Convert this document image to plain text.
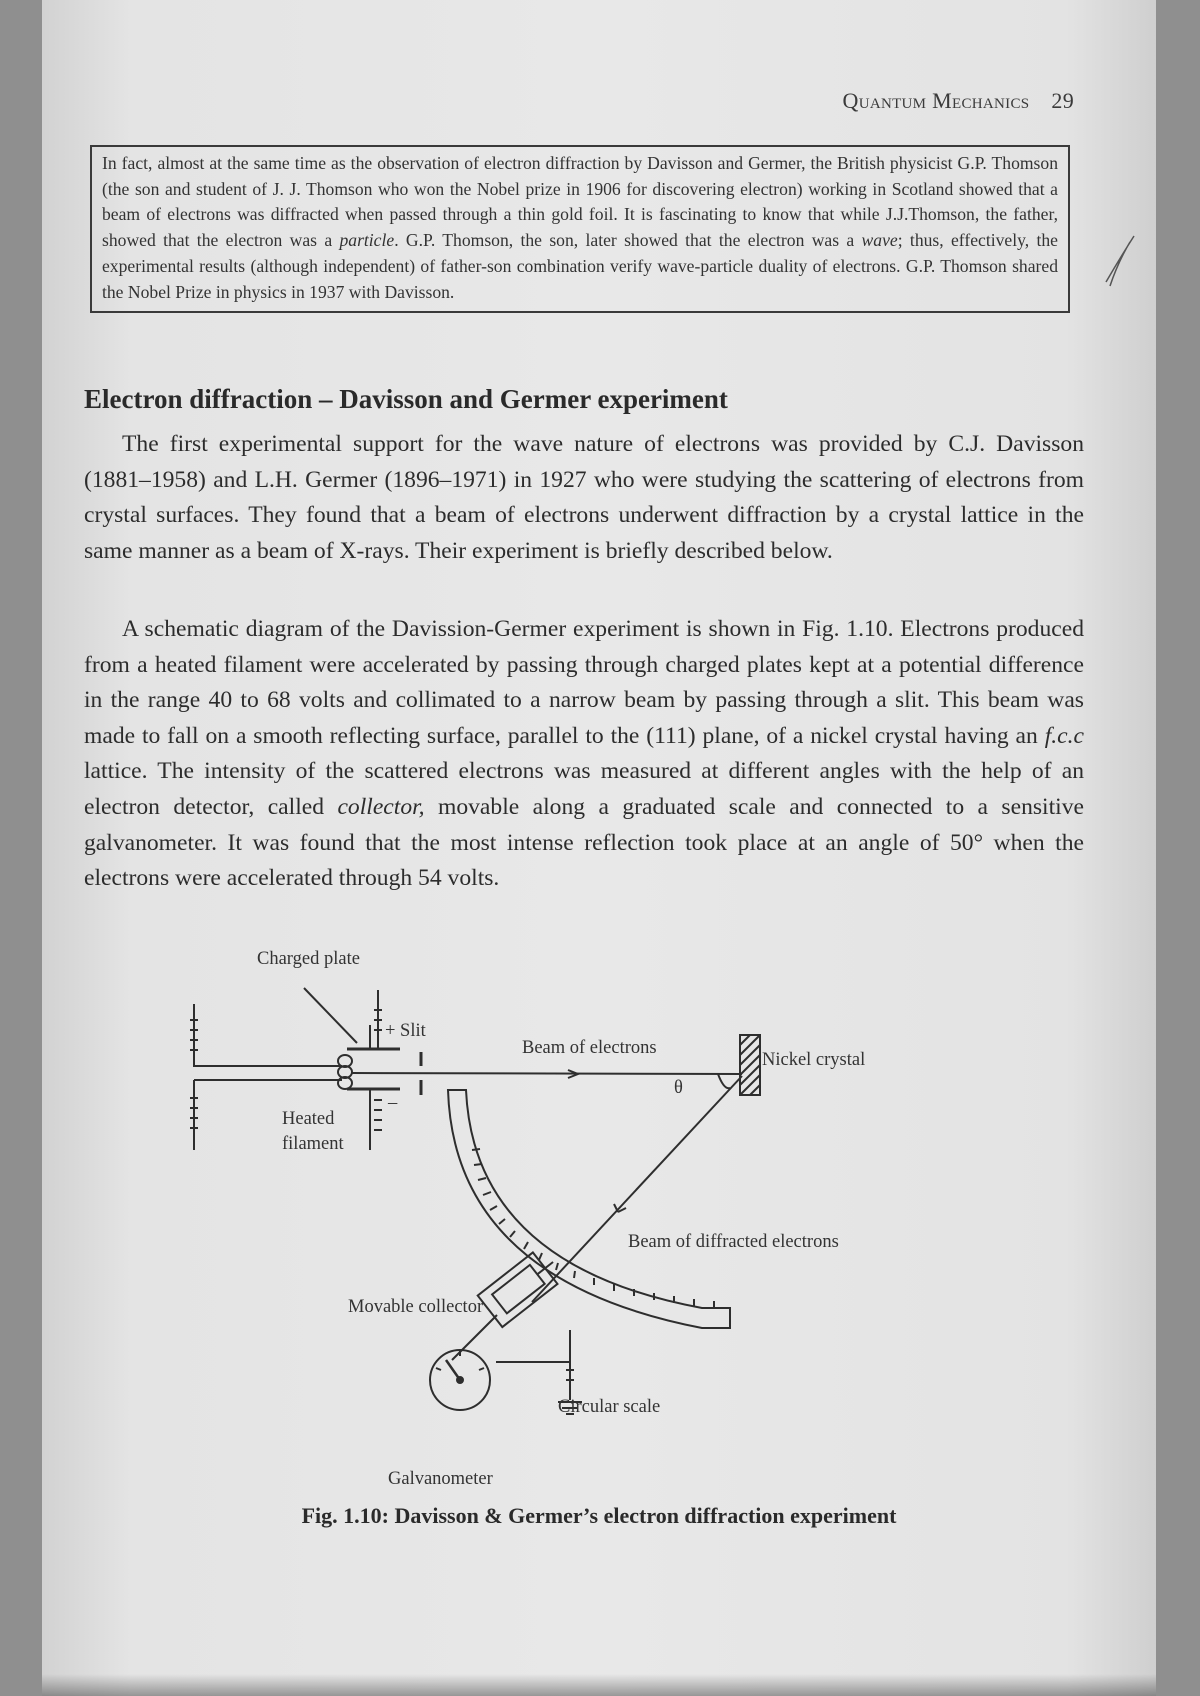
Quantum Mechanics 29
In fact, almost at the same time as the observation of electron diffraction by Davisson and Germer, the British physicist G.P. Thomson (the son and student of J. J. Thomson who won the Nobel prize in 1906 for discovering electron) working in Scotland showed that a beam of electrons was diffracted when passed through a thin gold foil. It is fascinating to know that while J.J.Thomson, the father, showed that the electron was a particle. G.P. Thomson, the son, later showed that the electron was a wave; thus, effectively, the experimental results (although independent) of father-son combination verify wave-particle duality of electrons. G.P. Thomson shared the Nobel Prize in physics in 1937 with Davisson.
Electron diffraction – Davisson and Germer experiment
The first experimental support for the wave nature of electrons was provided by C.J. Davisson (1881–1958) and L.H. Germer (1896–1971) in 1927 who were studying the scattering of electrons from crystal surfaces. They found that a beam of electrons underwent diffraction by a crystal lattice in the same manner as a beam of X-rays. Their experiment is briefly described below.
A schematic diagram of the Davission-Germer experiment is shown in Fig. 1.10. Electrons produced from a heated filament were accelerated by passing through charged plates kept at a potential difference in the range 40 to 68 volts and collimated to a narrow beam by passing through a slit. This beam was made to fall on a smooth reflecting surface, parallel to the (111) plane, of a nickel crystal having an f.c.c lattice. The intensity of the scattered electrons was measured at different angles with the help of an electron detector, called collector, movable along a graduated scale and connected to a sensitive galvanometer. It was found that the most intense reflection took place at an angle of 50° when the electrons were accelerated through 54 volts.
Charged plate
+ Slit
–
Beam of electrons
θ
Nickel crystal
Heated
filament
Beam of diffracted electrons
Movable collector
Circular scale
Galvanometer
Fig. 1.10: Davisson & Germer’s electron diffraction experiment
